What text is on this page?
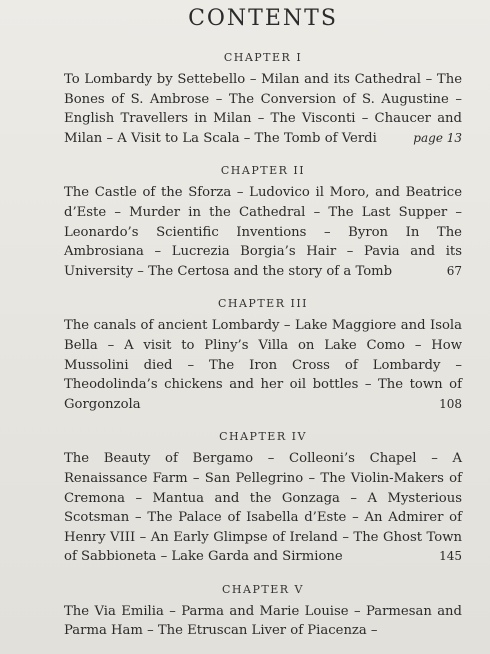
CONTENTS
CHAPTER I

To Lombardy by Settebello – Milan and its Cathedral – The Bones of S. Ambrose – The Conversion of S. Augustine – English Travellers in Milan – The Visconti – Chaucer and Milan – A Visit to La Scala – The Tomb of Verdi	page 13

CHAPTER II

The Castle of the Sforza – Ludovico il Moro, and Beatrice d’Este – Murder in the Cathedral – The Last Supper – Leonardo’s Scientific Inventions – Byron In The Ambrosiana – Lucrezia Borgia’s Hair – Pavia and its University – The Certosa and the story of a Tomb	67

CHAPTER III

The canals of ancient Lombardy – Lake Maggiore and Isola Bella – A visit to Pliny’s Villa on Lake Como – How Mussolini died – The Iron Cross of Lombardy – Theodolinda’s chickens and her oil bottles – The town of Gorgonzola	108

CHAPTER IV

The Beauty of Bergamo – Colleoni’s Chapel – A Renaissance Farm – San Pellegrino – The Violin-Makers of Cremona – Mantua and the Gonzaga – A Mysterious Scotsman – The Palace of Isabella d’Este – An Admirer of Henry VIII – An Early Glimpse of Ireland – The Ghost Town of Sabbioneta – Lake Garda and Sirmione	145

CHAPTER V

The Via Emilia – Parma and Marie Louise – Parmesan and Parma Ham – The Etruscan Liver of Piacenza –
